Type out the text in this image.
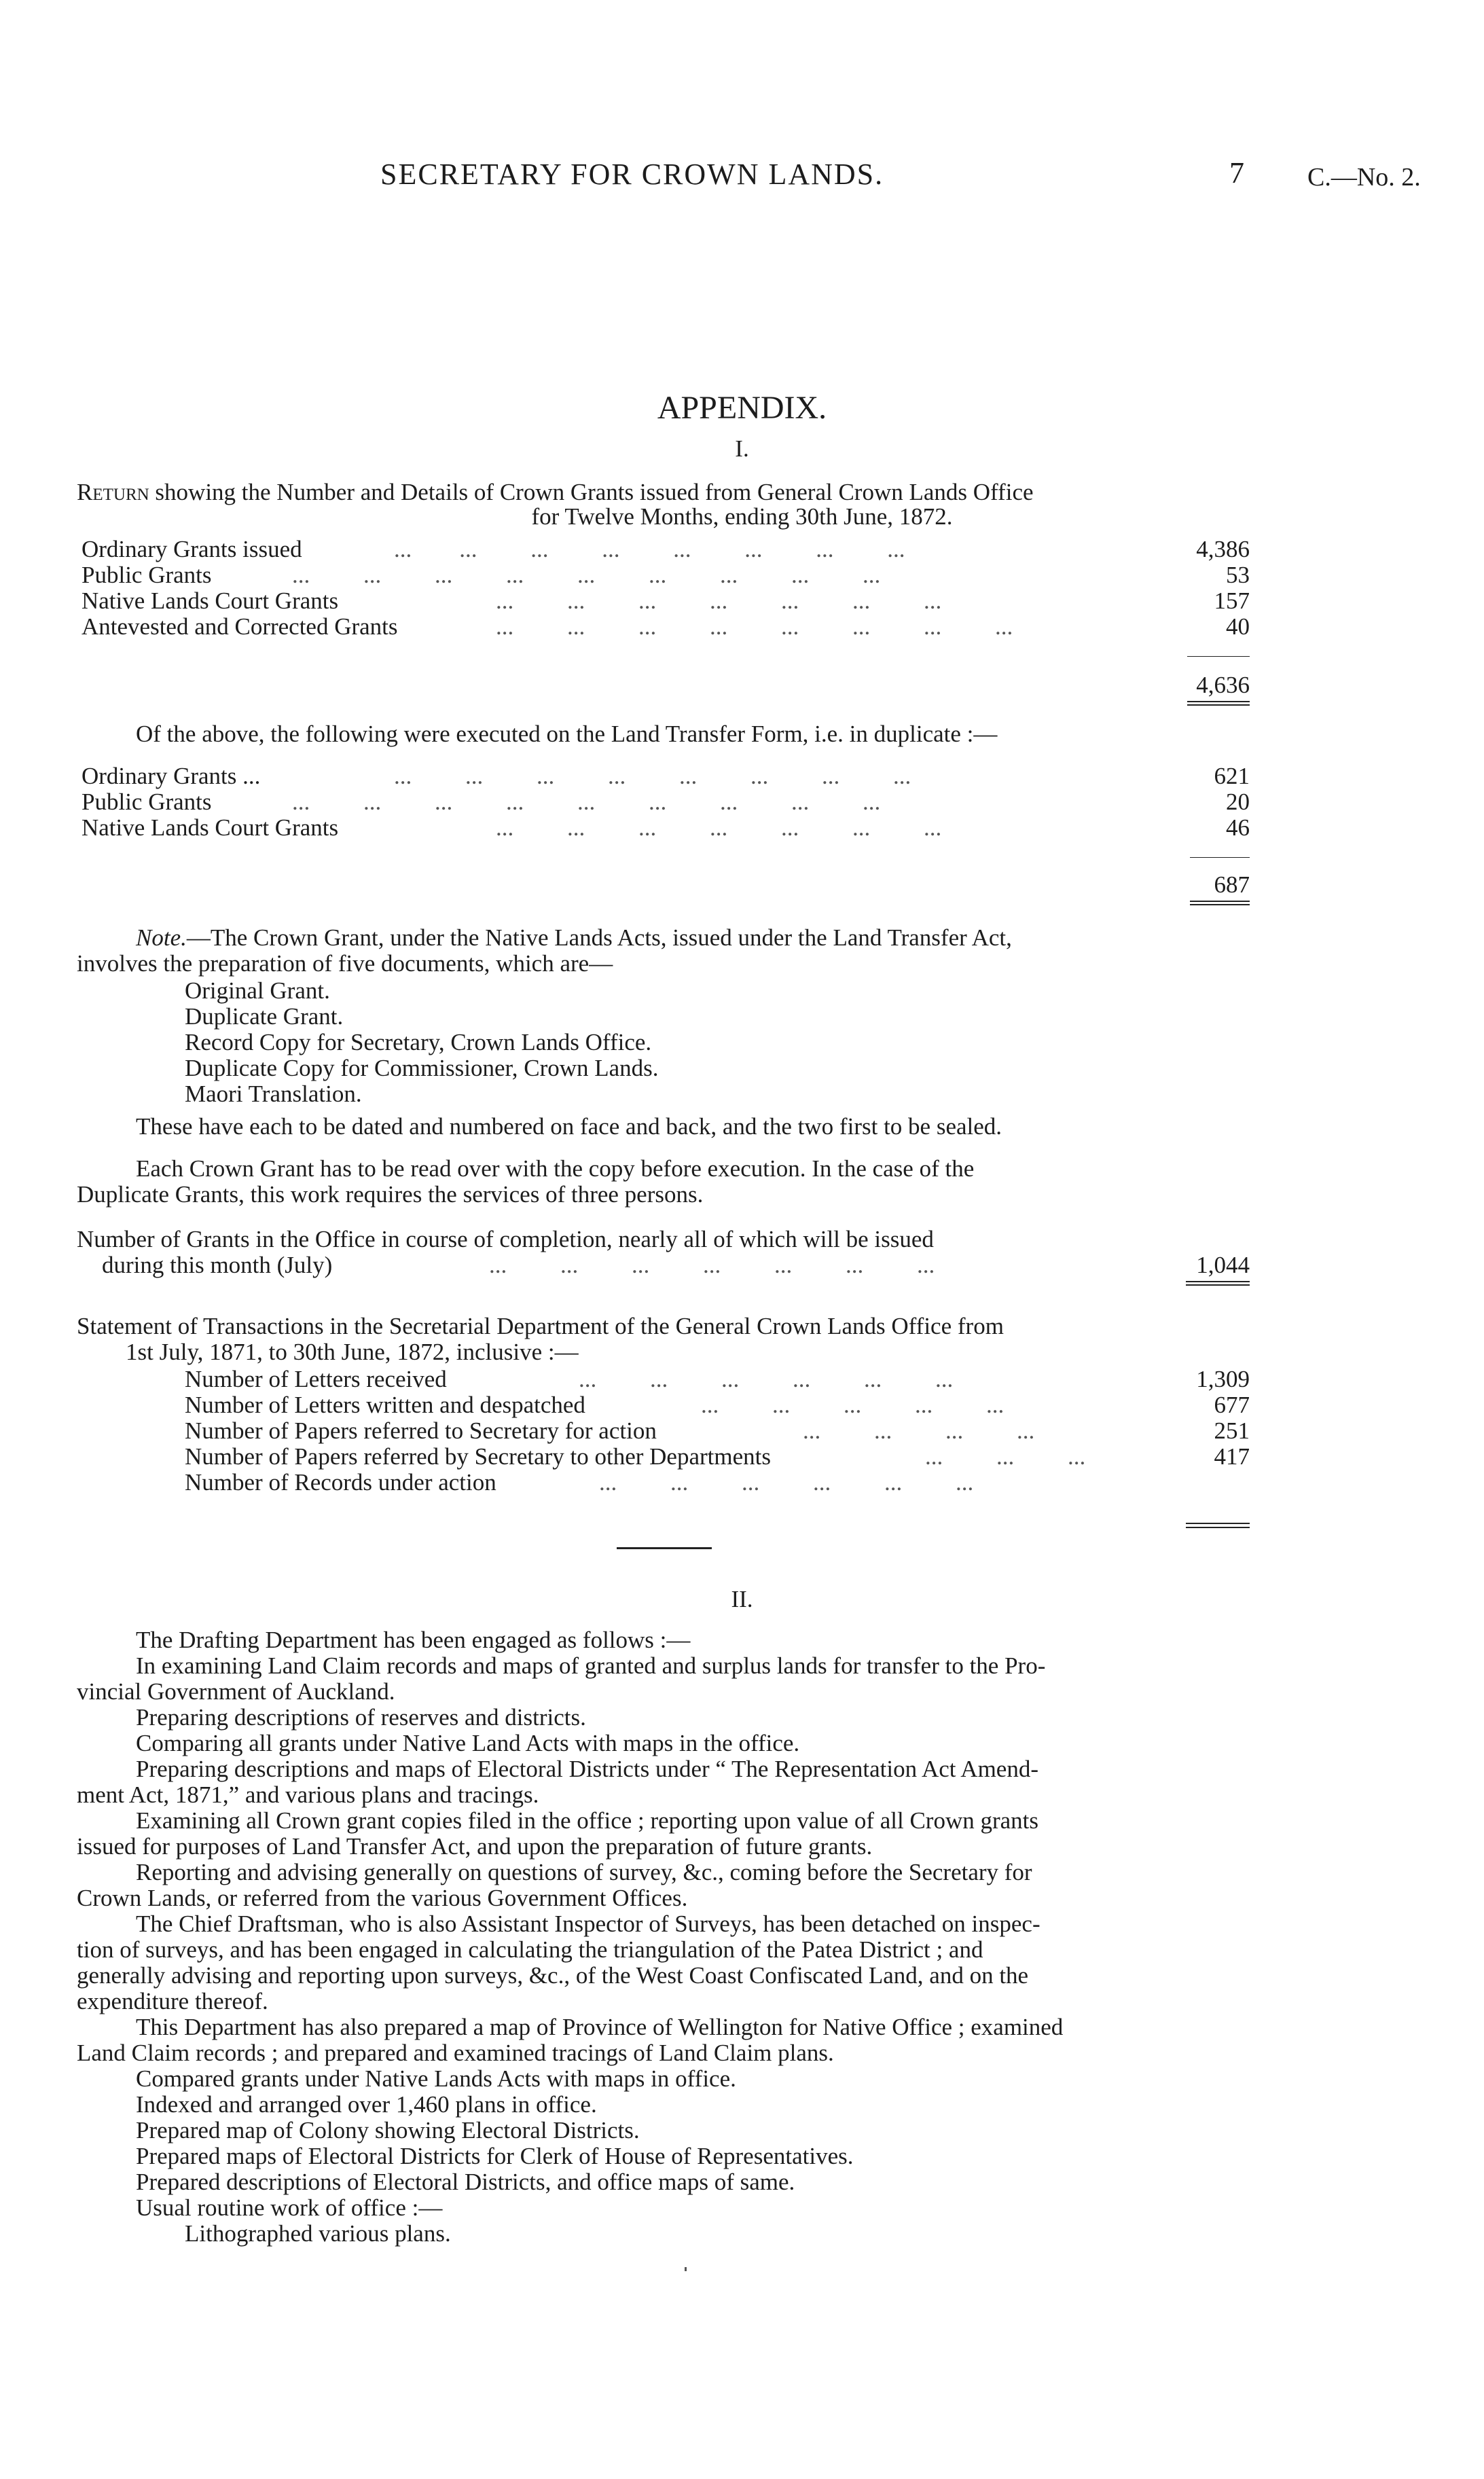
SECRETARY FOR CROWN LANDS.	7 C.—No. 2.
APPENDIX.
I.
Return showing the Number and Details of Crown Grants issued from General Crown Lands Office
for Twelve Months, ending 30th June, 1872.
Ordinary Grants issued	...        ...         ...         ...         ...         ...         ...         ...	4,386
Public Grants	...         ...         ...         ...         ...         ...         ...         ...         ...	53
Native Lands Court Grants	...         ...         ...         ...         ...         ...         ...	157
Antevested and Corrected Grants	...         ...         ...         ...         ...         ...         ...         ...	40
4,636
Of the above, the following were executed on the Land Transfer Form, i.e. in duplicate :—
Ordinary Grants ...	...         ...         ...         ...         ...         ...         ...         ...	621
Public Grants	...         ...         ...         ...         ...         ...         ...         ...         ...	20
Native Lands Court Grants	...         ...         ...         ...         ...         ...         ...	46
687
Note.—The Crown Grant, under the Native Lands Acts, issued under the Land Transfer Act,
involves the preparation of five documents, which are—
Original Grant.
Duplicate Grant.
Record Copy for Secretary, Crown Lands Office.
Duplicate Copy for Commissioner, Crown Lands.
Maori Translation.
These have each to be dated and numbered on face and back, and the two first to be sealed.
Each Crown Grant has to be read over with the copy before execution. In the case of the
Duplicate Grants, this work requires the services of three persons.
Number of Grants in the Office in course of completion, nearly all of which will be issued
during this month (July)	...         ...         ...         ...         ...         ...         ...	1,044
Statement of Transactions in the Secretarial Department of the General Crown Lands Office from
1st July, 1871, to 30th June, 1872, inclusive :—
Number of Letters received	...         ...         ...         ...         ...         ...	1,309
Number of Letters written and despatched	...         ...         ...         ...         ...	677
Number of Papers referred to Secretary for action	...         ...         ...         ...	251
Number of Papers referred by Secretary to other Departments	...         ...         ...	417
Number of Records under action	...         ...         ...         ...         ...         ...
II.
The Drafting Department has been engaged as follows :—
In examining Land Claim records and maps of granted and surplus lands for transfer to the Pro-
vincial Government of Auckland.
Preparing descriptions of reserves and districts.
Comparing all grants under Native Land Acts with maps in the office.
Preparing descriptions and maps of Electoral Districts under “ The Representation Act Amend-
ment Act, 1871,” and various plans and tracings.
Examining all Crown grant copies filed in the office ; reporting upon value of all Crown grants
issued for purposes of Land Transfer Act, and upon the preparation of future grants.
Reporting and advising generally on questions of survey, &c., coming before the Secretary for
Crown Lands, or referred from the various Government Offices.
The Chief Draftsman, who is also Assistant Inspector of Surveys, has been detached on inspec-
tion of surveys, and has been engaged in calculating the triangulation of the Patea District ; and
generally advising and reporting upon surveys, &c., of the West Coast Confiscated Land, and on the
expenditure thereof.
This Department has also prepared a map of Province of Wellington for Native Office ; examined
Land Claim records ; and prepared and examined tracings of Land Claim plans.
Compared grants under Native Lands Acts with maps in office.
Indexed and arranged over 1,460 plans in office.
Prepared map of Colony showing Electoral Districts.
Prepared maps of Electoral Districts for Clerk of House of Representatives.
Prepared descriptions of Electoral Districts, and office maps of same.
Usual routine work of office :—
Lithographed various plans.
